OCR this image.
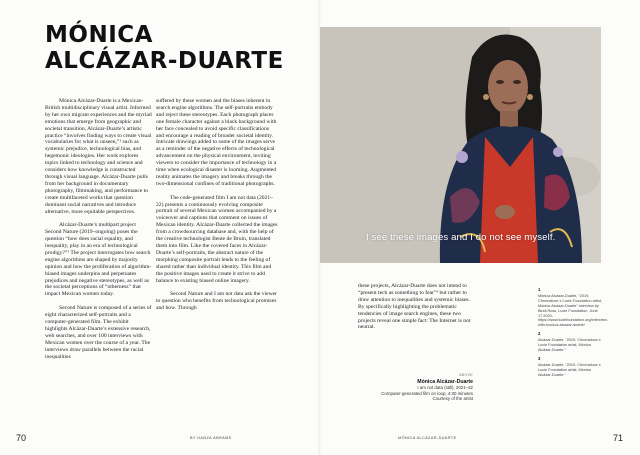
MÓNICA
ALCÁZAR-DUARTE

Mónica Alcázar-Duarte is a Mexican-British multidisciplinary visual artist. Informed by her own migrant experiences and the myriad emotions that emerge from geographic and societal transition, Alcázar-Duarte’s artistic practice “involves finding ways to create visual vocabularies for what is unseen,”¹ such as systemic prejudice, technological bias, and hegemonic ideologies. Her work explores topics linked to technology and science and considers how knowledge is constructed through visual language. Alcázar-Duarte pulls from her background in documentary photography, filmmaking, and performance to create multifaceted works that question dominant social narratives and introduce alternative, more equitable perspectives.

Alcázar-Duarte’s multipart project Second Nature (2019–ongoing) poses the question “how does racial equality, and inequality, play in an era of technological prodigy?”² The project interrogates how search engine algorithms are shaped by majority opinion and how the proliferation of algorithm-biased images underpins and perpetuates prejudices and negative stereotypes, as well as the societal perceptions of “otherness” that impact Mexican women today.

Second Nature is composed of a series of eight characterized self-portraits and a computer-generated film. The exhibit highlights Alcázar-Duarte’s extensive research, web searches, and over 100 interviews with Mexican women over the course of a year. The interviews draw parallels between the racial inequalities

suffered by these women and the biases inherent in search engine algorithms. The self-portraits embody and reject these stereotypes. Each photograph places one female character against a black background with her face concealed to avoid specific classifications and encourage a reading of broader societal identity. Intricate drawings added to some of the images serve as a reminder of the negative effects of technological advancement on the physical environment, inviting viewers to consider the importance of technology in a time when ecological disaster is looming. Augmented reality animates the imagery and breaks through the two-dimensional confines of traditional photographs.

The code-generated film I am not data (2021–22) presents a continuously evolving composite portrait of several Mexican women accompanied by a voiceover and captions that comment on issues of Mexican identity. Alcázar-Duarte collected the images from a crowdsourcing database and, with the help of the creative technologist Bente de Bruin, translated them into film. Like the covered faces in Alcázar-Duarte’s self-portraits, the abstract nature of the morphing composite portrait lends to the feeling of shared rather than individual identity. This film and the positive images used to create it strive to add balance to existing biased online imagery.

Second Nature and I am not data ask the viewer to question who benefits from technological promises and how. Through

I see these images and I do not see myself.

these projects, Alcázar-Duarte does not intend to “present tech as something to fear”³ but rather to draw attention to inequalities and systemic biases. By specifically highlighting the problematic tendencies of image search engines, these two projects reveal one simple fact: The Internet is not neutral.

ABOVE
Mónica Alcázar-Duarte
I am not data (still), 2021–22
Computer-generated film on loop, 4:30 minutes
Courtesy of the artist
1
Mónica Alcázar-Duarte, “2019, Chromaluxe x Lucie Foundation artist, Mónica Alcázar-Duarte” interview by Bindi Ross, Lucie Foundation, June 17 2020, https://www.luciefoundation.org/interview-with-monica-alcazar-duarte/
2
Alcázar-Duarte, “2019, Chromaluxe x Lucie Foundation artist, Mónica Alcázar-Duarte.”
3
Alcázar-Duarte, “2019, Chromaluxe x Lucie Foundation artist, Mónica Alcázar-Duarte.”
70	BY HANZA ABRAMS	MÓNICA ALCÁZAR-DUARTE	71
